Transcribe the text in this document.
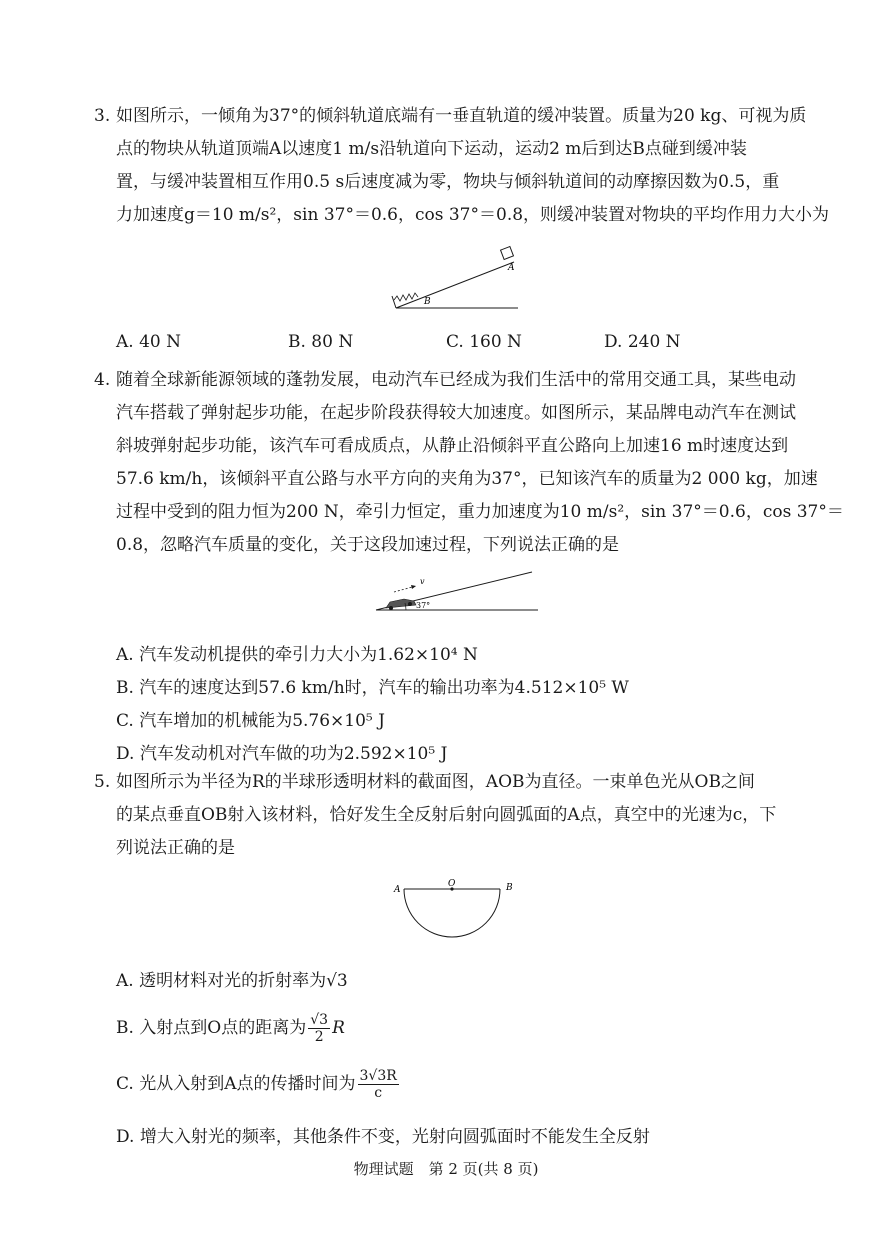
3. 如图所示，一倾角为37°的倾斜轨道底端有一垂直轨道的缓冲装置。质量为20 kg、可视为质
点的物块从轨道顶端A以速度1 m/s沿轨道向下运动，运动2 m后到达B点碰到缓冲装
置，与缓冲装置相互作用0.5 s后速度减为零，物块与倾斜轨道间的动摩擦因数为0.5，重
力加速度g＝10 m/s²，sin 37°＝0.6，cos 37°＝0.8，则缓冲装置对物块的平均作用力大小为
A
B
A. 40 N	B. 80 N	C. 160 N	D. 240 N
4. 随着全球新能源领域的蓬勃发展，电动汽车已经成为我们生活中的常用交通工具，某些电动
汽车搭载了弹射起步功能，在起步阶段获得较大加速度。如图所示，某品牌电动汽车在测试
斜坡弹射起步功能，该汽车可看成质点，从静止沿倾斜平直公路向上加速16 m时速度达到
57.6 km/h，该倾斜平直公路与水平方向的夹角为37°，已知该汽车的质量为2 000 kg，加速
过程中受到的阻力恒为200 N，牵引力恒定，重力加速度为10 m/s²，sin 37°＝0.6，cos 37°＝
0.8，忽略汽车质量的变化，关于这段加速过程，下列说法正确的是
v
37°
A. 汽车发动机提供的牵引力大小为1.62×10⁴ N
B. 汽车的速度达到57.6 km/h时，汽车的输出功率为4.512×10⁵ W
C. 汽车增加的机械能为5.76×10⁵ J
D. 汽车发动机对汽车做的功为2.592×10⁵ J
5. 如图所示为半径为R的半球形透明材料的截面图，AOB为直径。一束单色光从OB之间
的某点垂直OB射入该材料，恰好发生全反射后射向圆弧面的A点，真空中的光速为c，下
列说法正确的是
A
O	B
A. 透明材料对光的折射率为√3
B. 入射点到O点的距离为 $\frac{√3}{2}$ R
C. 光从入射到A点的传播时间为 $\frac{3√3R}{c}$
D. 增大入射光的频率，其他条件不变，光射向圆弧面时不能发生全反射
物理试题　第 2 页(共 8 页)
